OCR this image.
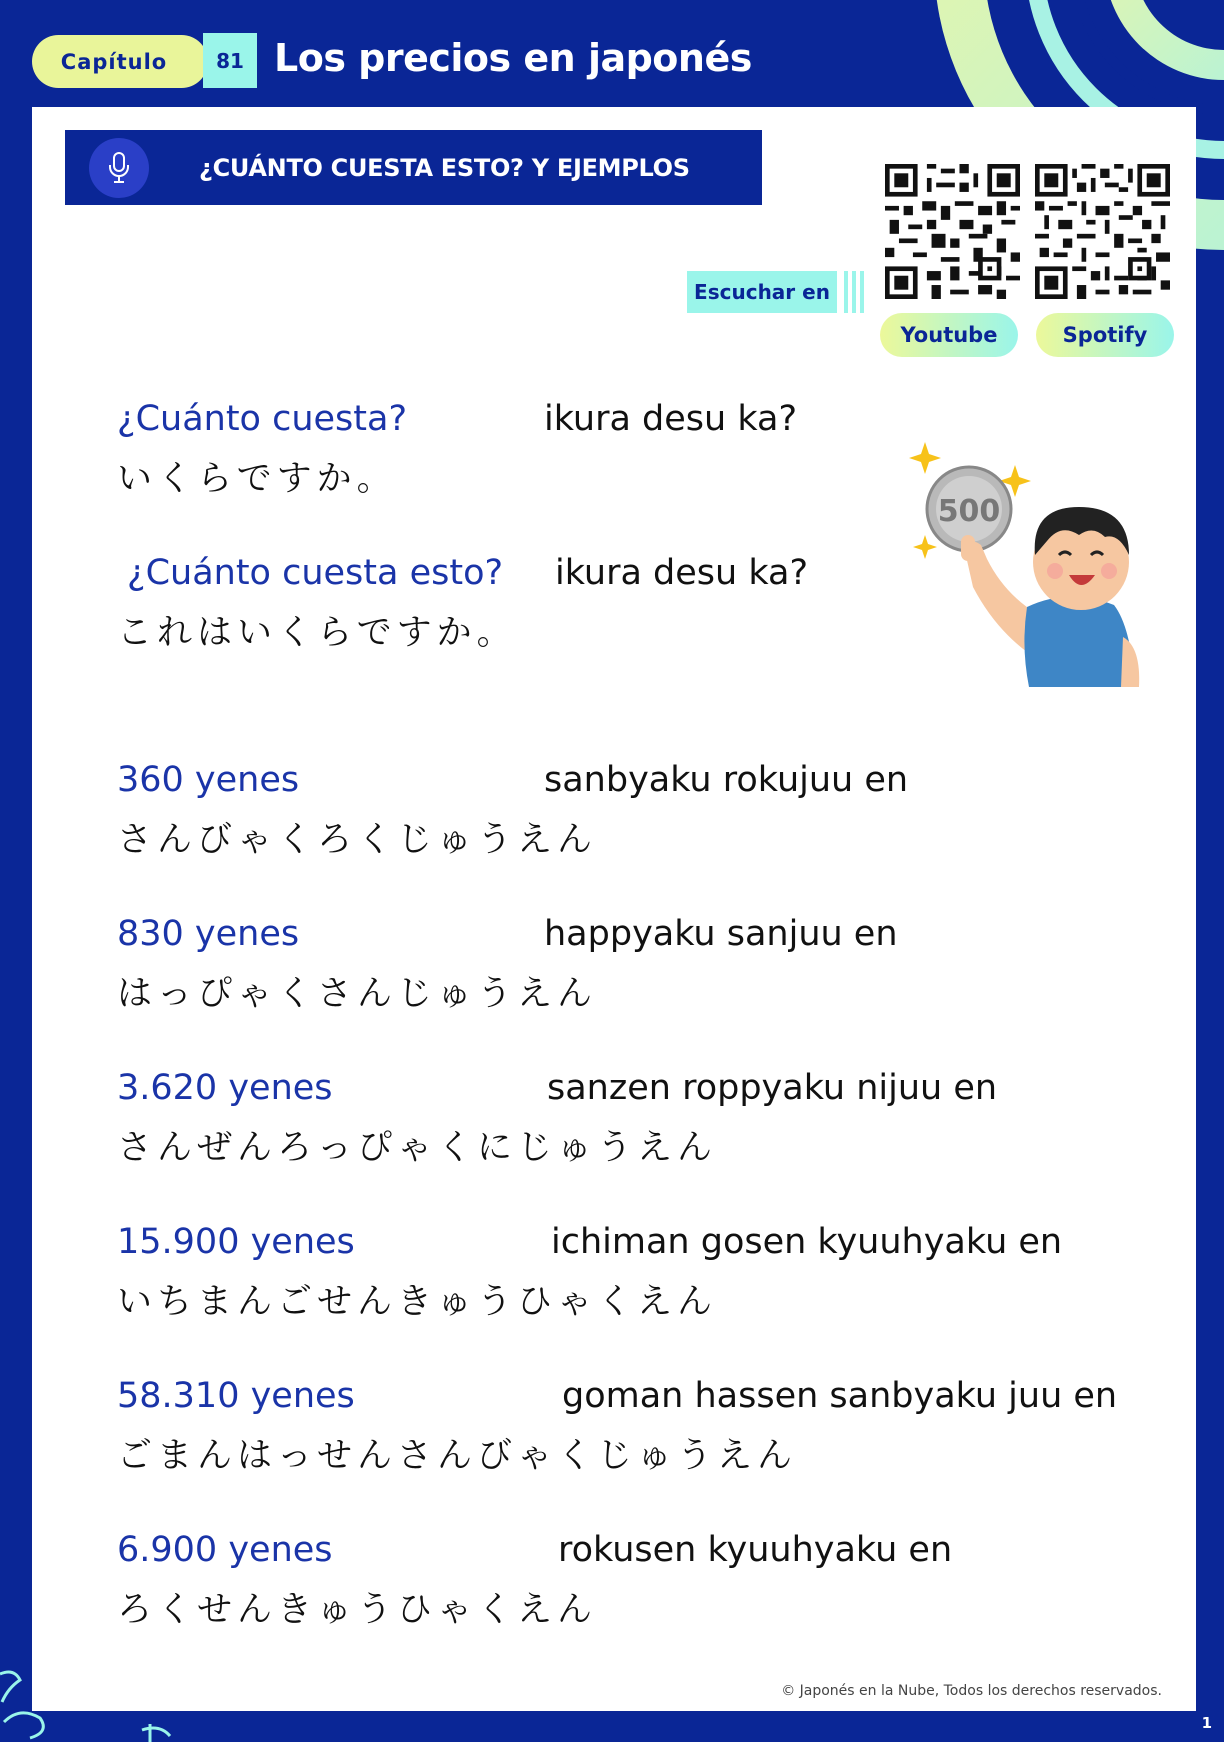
Capítulo	81 Los precios en japonés
¿CUÁNTO CUESTA ESTO? Y EJEMPLOS
Escuchar en
Youtube	Spotify
500
¿Cuánto cuesta?	ikura desu ka?
いくらですか。
¿Cuánto cuesta esto? ikura desu ka?
これはいくらですか。
360 yenes	sanbyaku rokujuu en
さんびゃくろくじゅうえん
830 yenes	happyaku sanjuu en
はっぴゃくさんじゅうえん
3.620 yenes	sanzen roppyaku nijuu en
さんぜんろっぴゃくにじゅうえん
15.900 yenes	ichiman gosen kyuuhyaku en
いちまんごせんきゅうひゃくえん
58.310 yenes	goman hassen sanbyaku juu en
ごまんはっせんさんびゃくじゅうえん
6.900 yenes	rokusen kyuuhyaku en
ろくせんきゅうひゃくえん
© Japonés en la Nube, Todos los derechos reservados.
1
